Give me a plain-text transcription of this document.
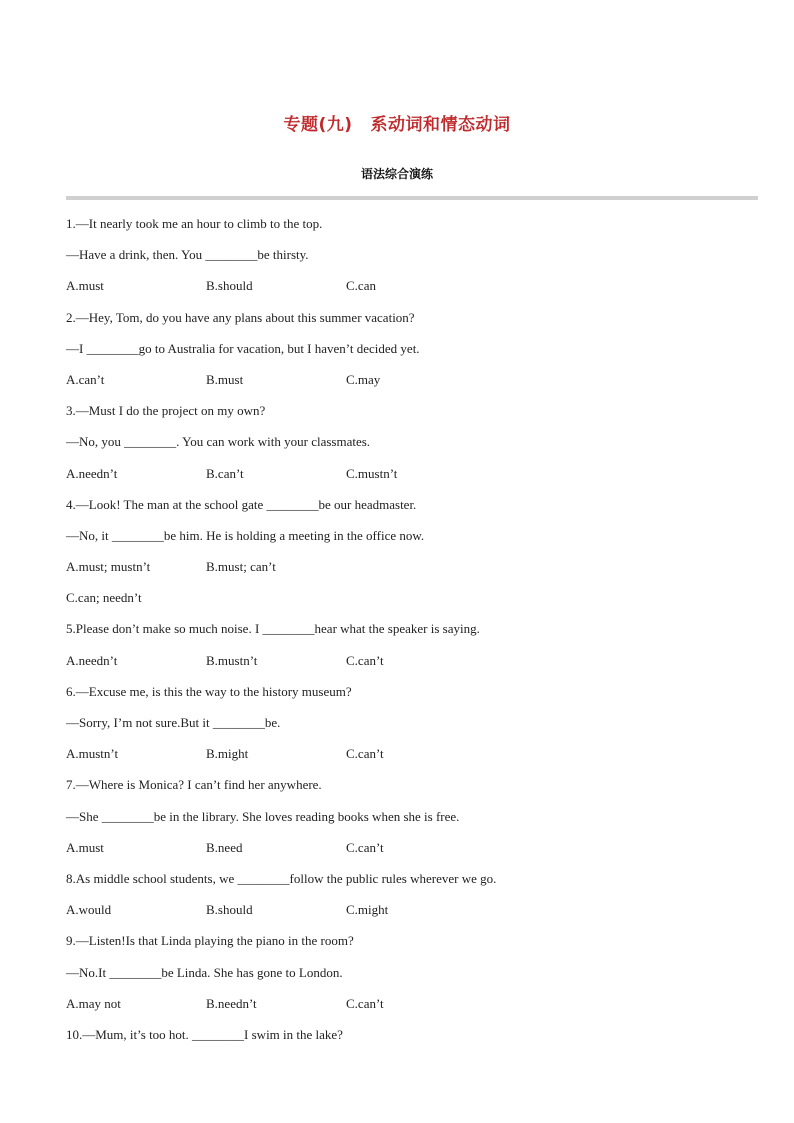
专题(九) 系动词和情态动词
语法综合演练
1.—It nearly took me an hour to climb to the top.
—Have a drink, then. You ________be thirsty.
A.must	B.should	C.can
2.—Hey, Tom, do you have any plans about this summer vacation?
—I ________go to Australia for vacation, but I haven’t decided yet.
A.can’t	B.must	C.may
3.—Must I do the project on my own?
—No, you ________. You can work with your classmates.
A.needn’t	B.can’t	C.mustn’t
4.—Look! The man at the school gate ________be our headmaster.
—No, it ________be him. He is holding a meeting in the office now.
A.must; mustn’t	B.must; can’t
C.can; needn’t
5.Please don’t make so much noise. I ________hear what the speaker is saying.
A.needn’t	B.mustn’t	C.can’t
6.—Excuse me, is this the way to the history museum?
—Sorry, I’m not sure.But it ________be.
A.mustn’t	B.might	C.can’t
7.—Where is Monica? I can’t find her anywhere.
—She ________be in the library. She loves reading books when she is free.
A.must	B.need	C.can’t
8.As middle school students, we ________follow the public rules wherever we go.
A.would	B.should	C.might
9.—Listen!Is that Linda playing the piano in the room?
—No.It ________be Linda. She has gone to London.
A.may not	B.needn’t	C.can’t
10.—Mum, it’s too hot. ________I swim in the lake?
